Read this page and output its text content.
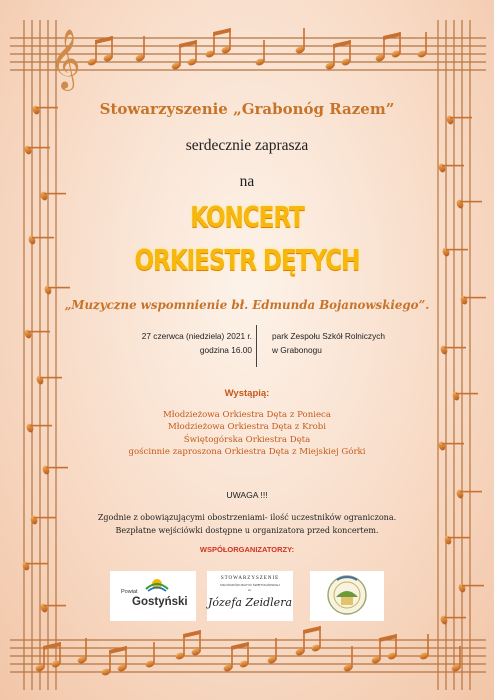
𝄞
Stowarzyszenie „Grabonóg Razem”
serdecznie zaprasza
na
KONCERT
ORKIESTR DĘTYCH
„Muzyczne wspomnienie bł. Edmunda Bojanowskiego”.
27 czerwca (niedziela) 2021 r.
godzina 16.00
park Zespołu Szkół Rolniczych
w Grabonogu
Wystąpią:
Młodzieżowa Orkiestra Dęta z Ponieca
Młodzieżowa Orkiestra Dęta z Krobi
Świętogórska Orkiestra Dęta
gościnnie zaproszona Orkiestra Dęta z Miejskiej Górki
UWAGA !!!
Zgodnie z obowiązującymi obostrzeniami- ilość uczestników ograniczona.
Bezpłatne wejściówki dostępne u organizatora przed koncertem.
WSPÓŁORGANIZATORZY:
Powiat
Gostyński
STOWARZYSZENIE
MIŁOŚNIKÓW MUZYKI ŚWIĘTOGÓRSKIEJ
im.
Józefa Zeidlera
